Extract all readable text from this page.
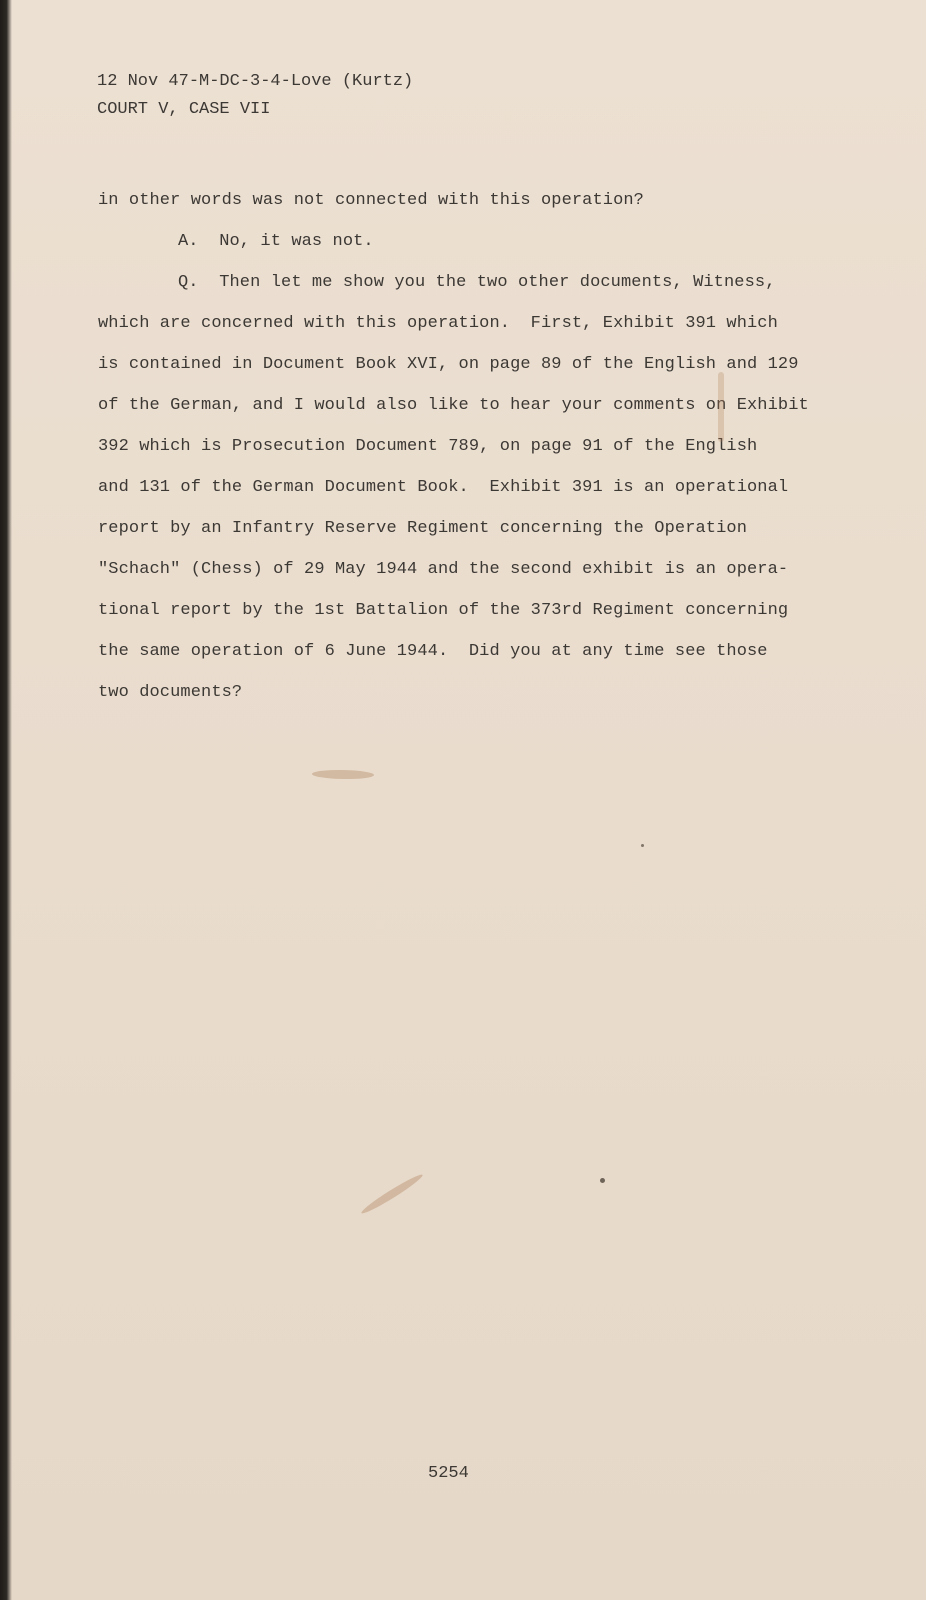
12 Nov 47-M-DC-3-4-Love (Kurtz)
COURT V, CASE VII
in other words was not connected with this operation?
A.  No, it was not.
Q.  Then let me show you the two other documents, Witness,
which are concerned with this operation.  First, Exhibit 391 which
is contained in Document Book XVI, on page 89 of the English and 129
of the German, and I would also like to hear your comments on Exhibit
392 which is Prosecution Document 789, on page 91 of the English
and 131 of the German Document Book.  Exhibit 391 is an operational
report by an Infantry Reserve Regiment concerning the Operation
"Schach" (Chess) of 29 May 1944 and the second exhibit is an opera-
tional report by the 1st Battalion of the 373rd Regiment concerning
the same operation of 6 June 1944.  Did you at any time see those
two documents?
5254
